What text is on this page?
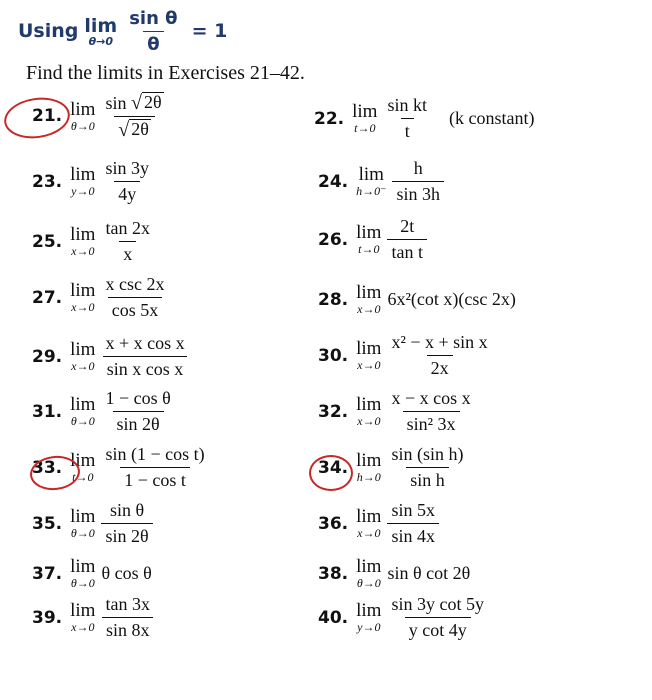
Using lim
$\theta\to 0 \frac{\text{sin θ}}{\theta} = 1$
Find the limits in Exercises 21–42.
21. lim
$\theta\to 0 \frac{\sin √ 2\theta}{√ 2\theta}$
23. lim
$y\to 0 \frac{\sin 3y}{4y}$
25. lim
$x\to 0 \frac{\tan 2x}{x}$
27. lim
$x\to 0 \frac{\text{x csc 2x}}{\cos 5x}$
29. lim
$x\to 0 \frac{\text{x + x cos x}}{\text{sin x cos x}}$
31. lim
$\theta\to 0 \frac{\text{1 − cos θ}}{\sin 2\theta}$
33. lim
$t\to 0 \frac{\text{sin (1 − cos t)}}{\text{1 − cos t}}$
35. lim
$\theta\to 0 \frac{\text{sin θ}}{\sin 2\theta}$
37. lim
θ→0 θ cos θ
39. lim
$x\to 0 \frac{\tan 3x}{\sin 8x}$
22. lim
$t\to 0 \frac{\text{sin kt}}{t} (k$ constant)
24. lim
$h\to 0^- \frac{h}{\sin 3h}$
26. lim
$t\to 0 \frac{2t}{\text{tan t}}$
28. lim
x→0 6x²(cot x)(csc 2x)
30. lim
$x\to 0 \frac{\text{x² − x + sin x}}{2x}$
32. lim
$x\to 0 \frac{\text{x − x cos x}}{\text{sin² 3x}}$
34. lim
$h\to 0 \frac{\text{sin (sin h)}}{\text{sin h}}$
36. lim
$x\to 0 \frac{\sin 5x}{\sin 4x}$
38. lim
θ→0 sin θ cot 2θ
40. lim
$y\to 0 \frac{\text{sin 3y cot 5y}}{\text{y cot 4y}}$
